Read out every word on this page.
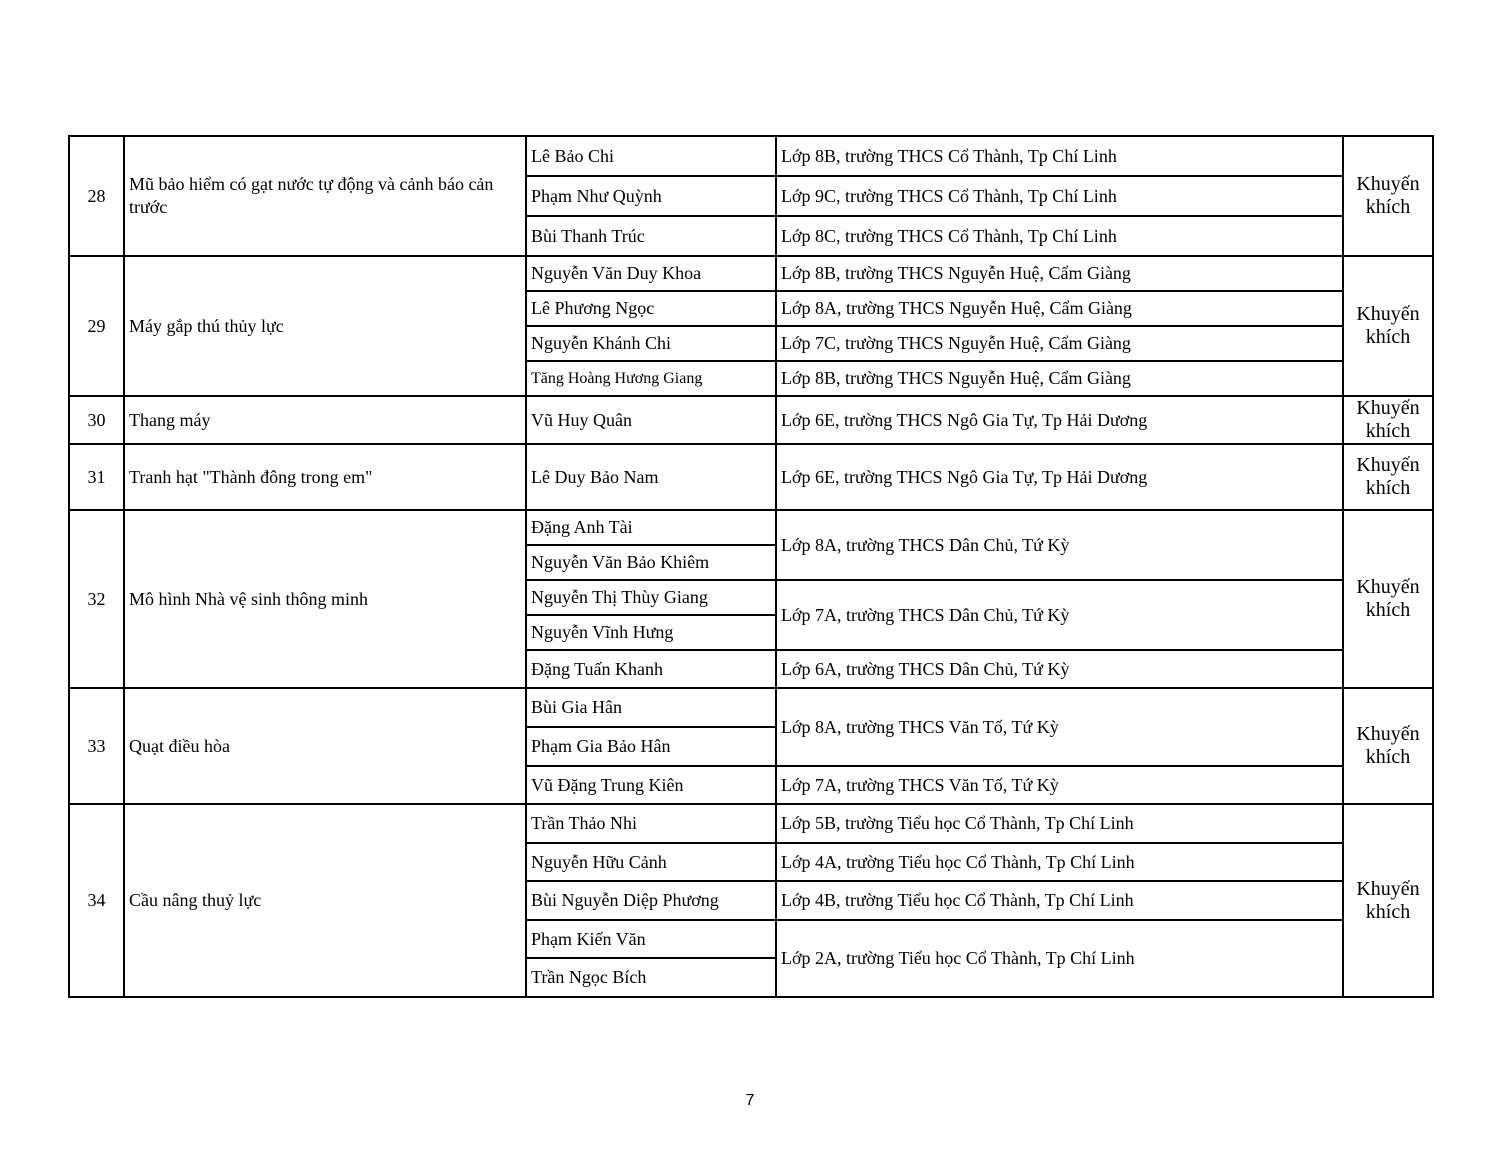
28	Mũ bảo hiểm có gạt nước tự động và cảnh báo cản trước	Lê Bảo Chi	Lớp 8B, trường THCS Cổ Thành, Tp Chí Linh	Khuyến khích
		Phạm Như Quỳnh	Lớp 9C, trường THCS Cổ Thành, Tp Chí Linh	
		Bùi Thanh Trúc	Lớp 8C, trường THCS Cổ Thành, Tp Chí Linh	
29	Máy gắp thú thủy lực	Nguyễn Văn Duy Khoa	Lớp 8B, trường THCS Nguyễn Huệ, Cẩm Giàng	Khuyến khích
		Lê Phương Ngọc	Lớp 8A, trường THCS Nguyễn Huệ, Cẩm Giàng	
		Nguyễn Khánh Chi	Lớp 7C, trường THCS Nguyễn Huệ, Cẩm Giàng	
		Tăng Hoàng Hương Giang	Lớp 8B, trường THCS Nguyễn Huệ, Cẩm Giàng	
30	Thang máy	Vũ Huy Quân	Lớp 6E, trường THCS Ngô Gia Tự, Tp Hải Dương	Khuyến khích
31	Tranh hạt "Thành đông trong em"	Lê Duy Bảo Nam	Lớp 6E, trường THCS Ngô Gia Tự, Tp Hải Dương	Khuyến khích
32	Mô hình Nhà vệ sinh thông minh	Đặng Anh Tài	Lớp 8A, trường THCS Dân Chủ, Tứ Kỳ	Khuyến khích
		Nguyễn Văn Bảo Khiêm		
		Nguyễn Thị Thùy Giang	Lớp 7A, trường THCS Dân Chủ, Tứ Kỳ	
		Nguyễn Vĩnh Hưng		
		Đặng Tuấn Khanh	Lớp 6A, trường THCS Dân Chủ, Tứ Kỳ	
33	Quạt điều hòa	Bùi Gia Hân	Lớp 8A, trường THCS Văn Tố, Tứ Kỳ	Khuyến khích
		Phạm Gia Bảo Hân		
		Vũ Đặng Trung Kiên	Lớp 7A, trường THCS Văn Tố, Tứ Kỳ	
34	Cầu nâng thuỷ lực	Trần Thảo Nhi	Lớp 5B, trường Tiểu học Cổ Thành, Tp Chí Linh	Khuyến khích
		Nguyễn Hữu Cảnh	Lớp 4A, trường Tiểu học Cổ Thành, Tp Chí Linh	
		Bùi Nguyễn Diệp Phương	Lớp 4B, trường Tiểu học Cổ Thành, Tp Chí Linh	
		Phạm Kiến Văn	Lớp 2A, trường Tiểu học Cổ Thành, Tp Chí Linh	
		Trần Ngọc Bích		
7
